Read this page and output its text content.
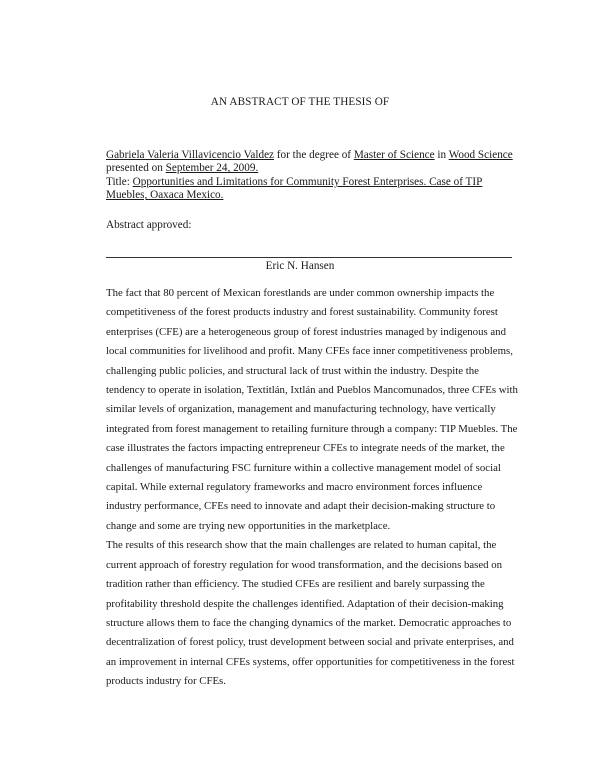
AN ABSTRACT OF THE THESIS OF
Gabriela Valeria Villavicencio Valdez for the degree of Master of Science in Wood Science presented on September 24, 2009.
Title: Opportunities and Limitations for Community Forest Enterprises. Case of TIP Muebles, Oaxaca Mexico.
Abstract approved:
Eric N. Hansen

The fact that 80 percent of Mexican forestlands are under common ownership impacts the competitiveness of the forest products industry and forest sustainability. Community forest enterprises (CFE) are a heterogeneous group of forest industries managed by indigenous and local communities for livelihood and profit. Many CFEs face inner competitiveness problems, challenging public policies, and structural lack of trust within the industry. Despite the tendency to operate in isolation, Textitlán, Ixtlán and Pueblos Mancomunados, three CFEs with similar levels of organization, management and manufacturing technology, have vertically integrated from forest management to retailing furniture through a company: TIP Muebles. The case illustrates the factors impacting entrepreneur CFEs to integrate needs of the market, the challenges of manufacturing FSC furniture within a collective management model of social capital. While external regulatory frameworks and macro environment forces influence industry performance, CFEs need to innovate and adapt their decision-making structure to change and some are trying new opportunities in the marketplace.

The results of this research show that the main challenges are related to human capital, the current approach of forestry regulation for wood transformation, and the decisions based on tradition rather than efficiency. The studied CFEs are resilient and barely surpassing the profitability threshold despite the challenges identified. Adaptation of their decision-making structure allows them to face the changing dynamics of the market. Democratic approaches to decentralization of forest policy, trust development between social and private enterprises, and an improvement in internal CFEs systems, offer opportunities for competitiveness in the forest products industry for CFEs.
